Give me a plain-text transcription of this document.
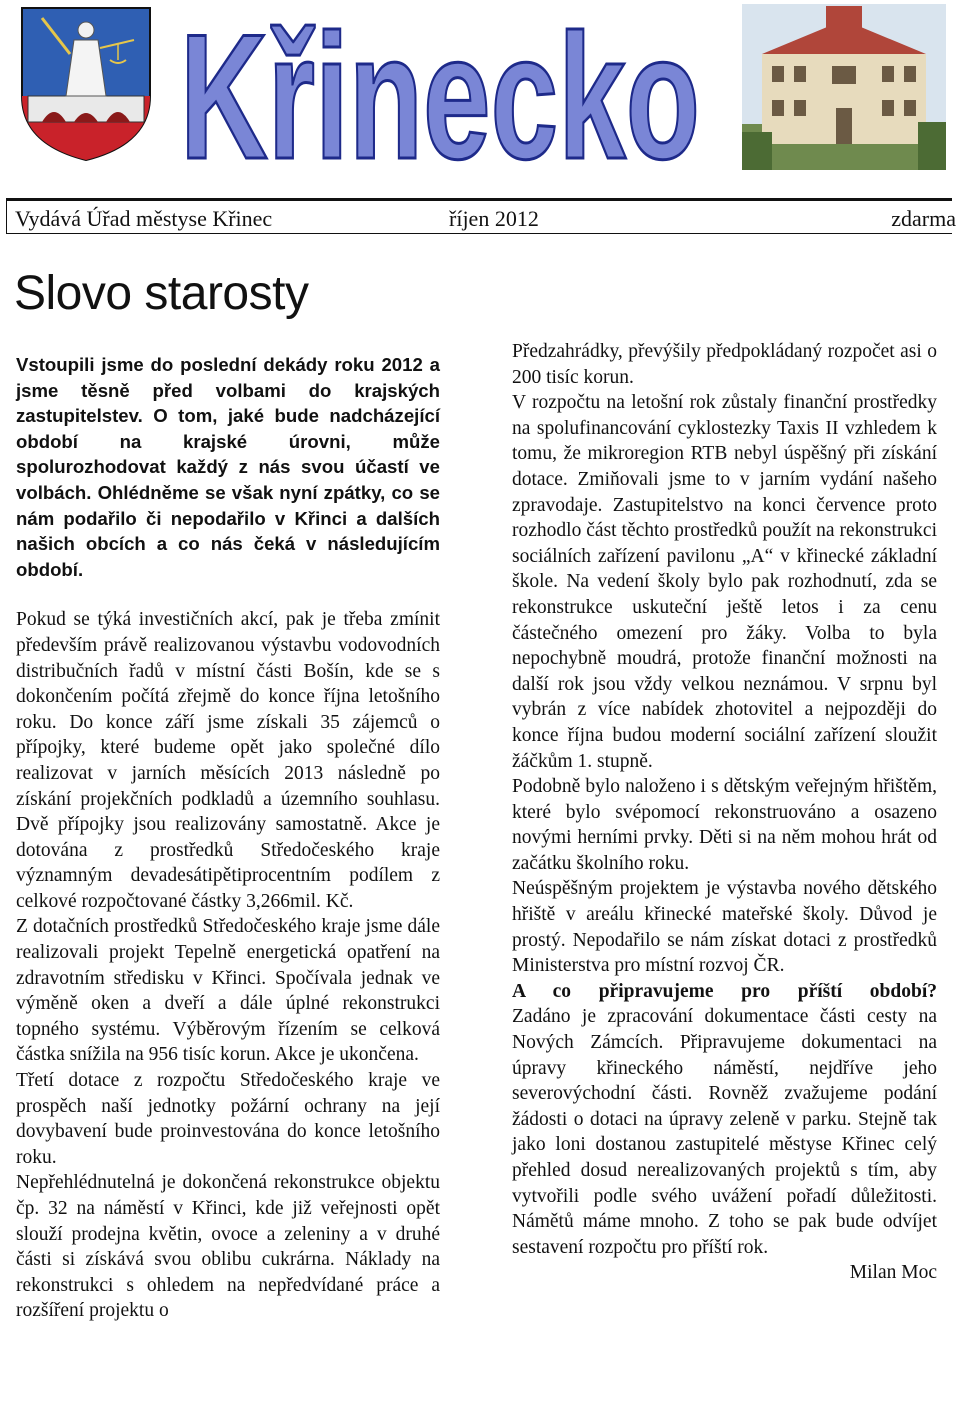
Křinecko
Vydává Úřad městyse Křinec	říjen 2012	zdarma
Slovo starosty

Vstoupili jsme do poslední dekády roku 2012 a jsme těsně před volbami do krajských zastupitelstev. O tom, jaké bude nadcházející období na krajské úrovni, může spolurozhodovat každý z nás svou účastí ve volbách. Ohlédněme se však nyní zpátky, co se nám podařilo či nepodařilo v Křinci a dalších našich obcích a co nás čeká v následujícím období.

Pokud se týká investičních akcí, pak je třeba zmínit především právě realizovanou výstavbu vodovodních distribučních řadů v místní části Bošín, kde se s dokončením počítá zřejmě do konce října letošního roku. Do konce září jsme získali 35 zájemců o přípojky, které budeme opět jako společné dílo realizovat v jarních měsících 2013 následně po získání projekčních podkladů a územního souhlasu. Dvě přípojky jsou realizovány samostatně. Akce je dotována z prostředků Středočeského kraje významným devadesátipětiprocentním podílem z celkové rozpočtované částky 3,266mil. Kč.

Z dotačních prostředků Středočeského kraje jsme dále realizovali projekt Tepelně energetická opatření na zdravotním středisku v Křinci. Spočívala jednak ve výměně oken a dveří a dále úplné rekonstrukci topného systému. Výběrovým řízením se celková částka snížila na 956 tisíc korun. Akce je ukončena.

Třetí dotace z rozpočtu Středočeského kraje ve prospěch naší jednotky požární ochrany na její dovybavení bude proinvestována do konce letošního roku.

Nepřehlédnutelná je dokončená rekonstrukce objektu čp. 32 na náměstí v Křinci, kde již veřejnosti opět slouží prodejna květin, ovoce a zeleniny a v druhé části si získává svou oblibu cukrárna. Náklady na rekonstrukci s ohledem na nepředvídané práce a rozšíření projektu o

Předzahrádky, převýšily předpokládaný rozpočet asi o 200 tisíc korun.

V rozpočtu na letošní rok zůstaly finanční prostředky na spolufinancování cyklostezky Taxis II vzhledem k tomu, že mikroregion RTB nebyl úspěšný při získání dotace. Zmiňovali jsme to v jarním vydání našeho zpravodaje. Zastupitelstvo na konci července proto rozhodlo část těchto prostředků použít na rekonstrukci sociálních zařízení pavilonu „A“ v křinecké základní škole. Na vedení školy bylo pak rozhodnutí, zda se rekonstrukce uskuteční ještě letos i za cenu částečného omezení pro žáky. Volba to byla nepochybně moudrá, protože finanční možnosti na další rok jsou vždy velkou neznámou. V srpnu byl vybrán z více nabídek zhotovitel a nejpozději do konce října budou moderní sociální zařízení sloužit žáčkům 1. stupně.

Podobně bylo naloženo i s dětským veřejným hřištěm, které bylo svépomocí rekonstruováno a osazeno novými herními prvky. Děti si na něm mohou hrát od začátku školního roku.

Neúspěšným projektem je výstavba nového dětského hřiště v areálu křinecké mateřské školy. Důvod je prostý. Nepodařilo se nám získat dotaci z prostředků Ministerstva pro místní rozvoj ČR.

A co připravujeme pro příští období?

Zadáno je zpracování dokumentace části cesty na Nových Zámcích. Připravujeme dokumentaci na úpravy křineckého náměstí, nejdříve jeho severovýchodní části. Rovněž zvažujeme podání žádosti o dotaci na úpravy zeleně v parku. Stejně tak jako loni dostanou zastupitelé městyse Křinec celý přehled dosud nerealizovaných projektů s tím, aby vytvořili podle svého uvážení pořadí důležitosti. Námětů máme mnoho. Z toho se pak bude odvíjet sestavení rozpočtu pro příští rok.

Milan Moc
